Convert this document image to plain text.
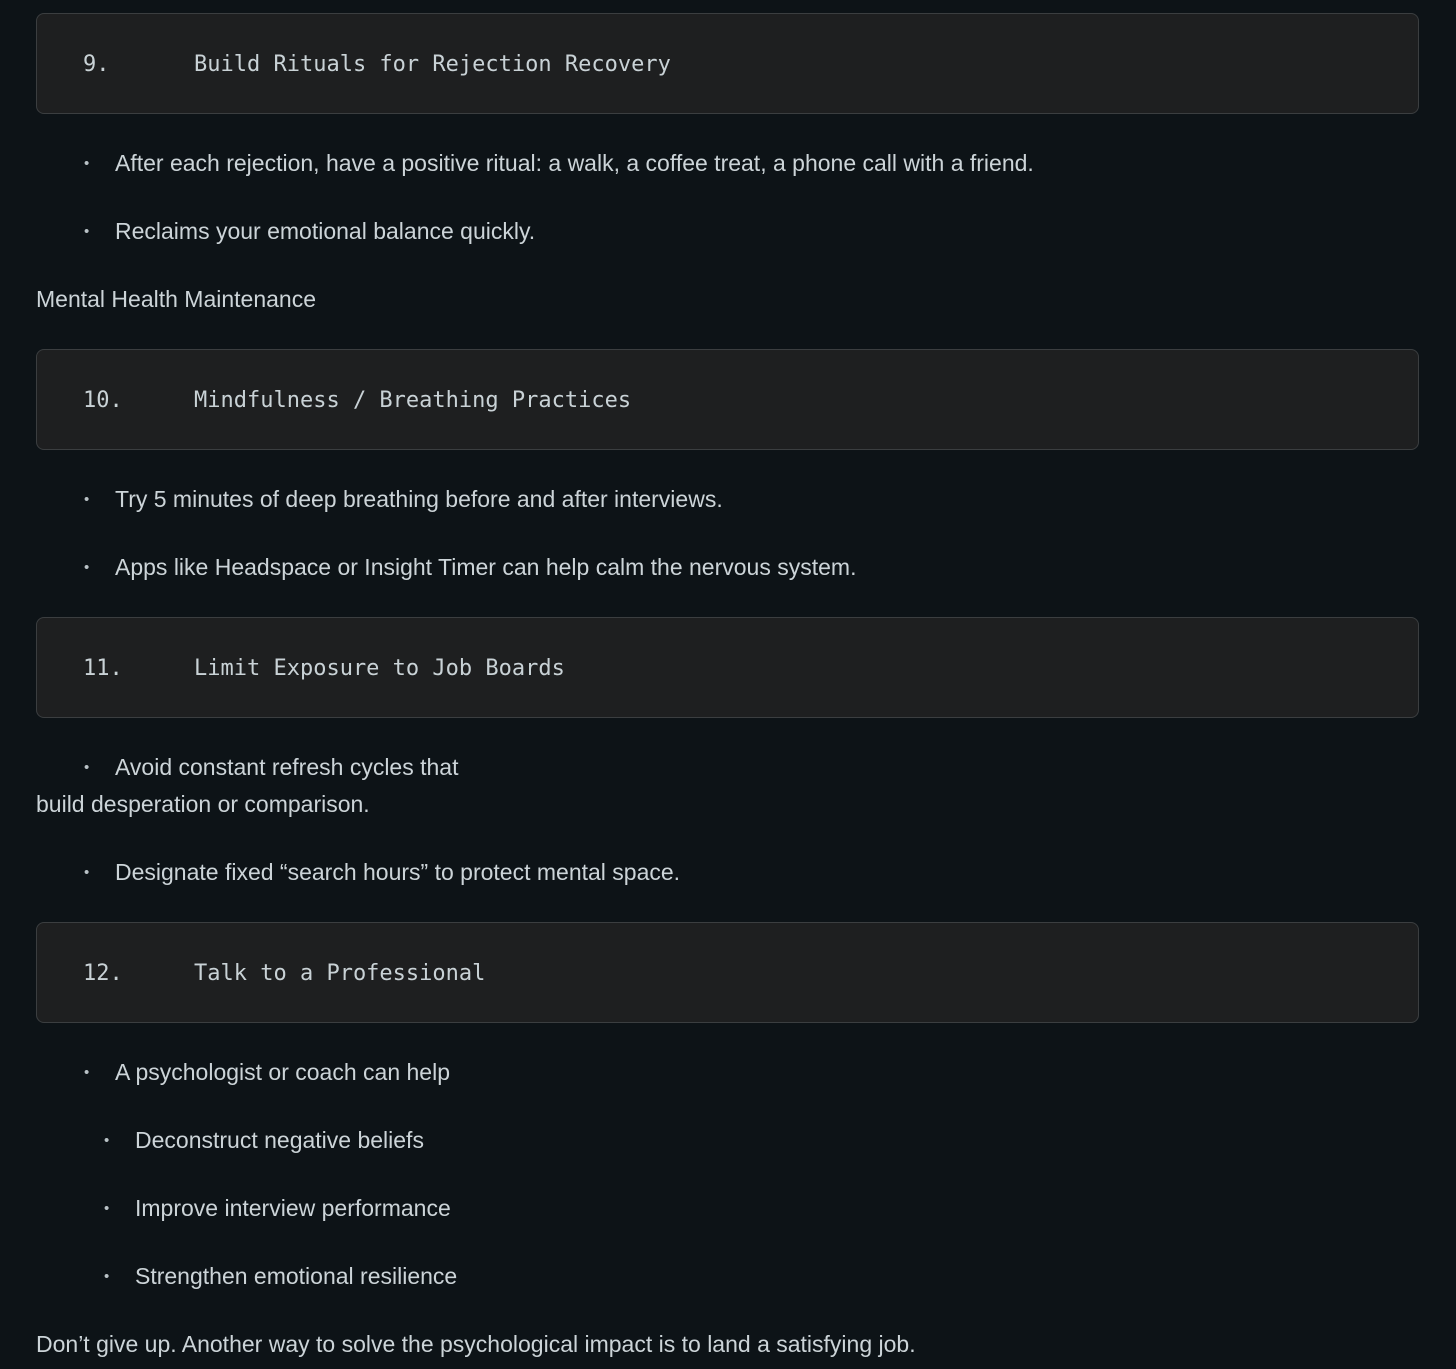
9.	Build Rituals for Rejection Recovery
•	After each rejection, have a positive ritual: a walk, a coffee treat, a phone call with a friend.
•	Reclaims your emotional balance quickly.
Mental Health Maintenance
10.	Mindfulness / Breathing Practices
•	Try 5 minutes of deep breathing before and after interviews.
•	Apps like Headspace or Insight Timer can help calm the nervous system.
11.	Limit Exposure to Job Boards
•	Avoid constant refresh cycles that
build desperation or comparison.
•	Designate fixed “search hours” to protect mental space.
12.	Talk to a Professional
•	A psychologist or coach can help
•	Deconstruct negative beliefs
•	Improve interview performance
•	Strengthen emotional resilience
Don’t give up. Another way to solve the psychological impact is to land a satisfying job.
